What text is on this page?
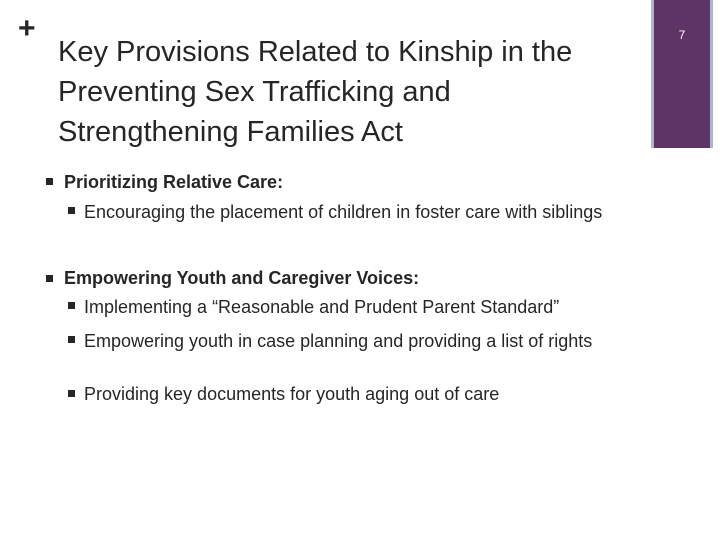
+
Key Provisions Related to Kinship in the Preventing Sex Trafficking and Strengthening Families Act
7
Prioritizing Relative Care:
Encouraging the placement of children in foster care with siblings
Empowering Youth and Caregiver Voices:
Implementing a “Reasonable and Prudent Parent Standard”
Empowering youth in case planning and providing a list of rights
Providing key documents for youth aging out of care
